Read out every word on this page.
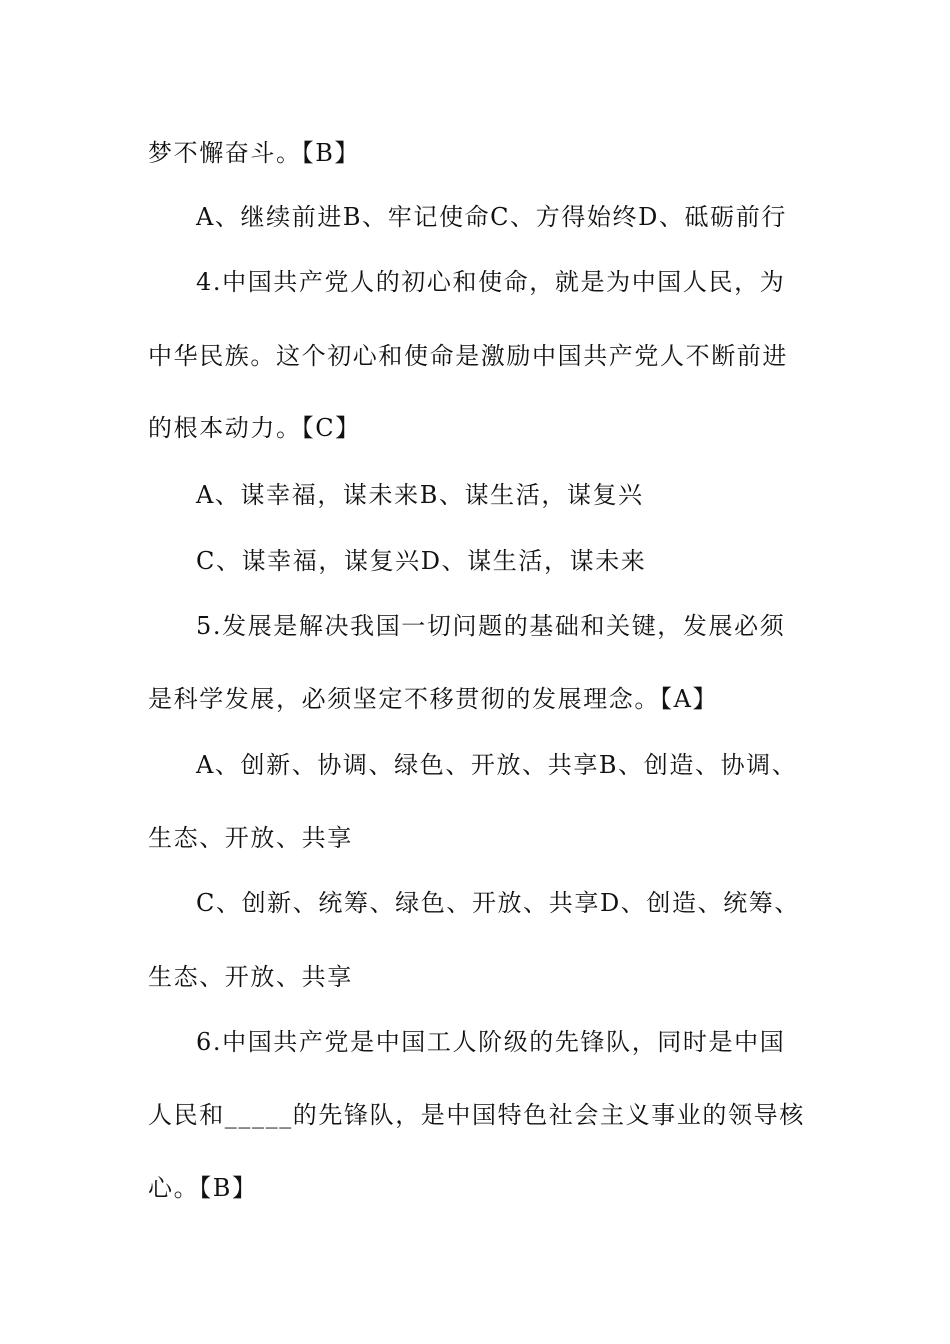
梦不懈奋斗。【B】
A、继续前进B、牢记使命C、方得始终D、砥砺前行
4.中国共产党人的初心和使命，就是为中国人民，为
中华民族。这个初心和使命是激励中国共产党人不断前进
的根本动力。【C】
A、谋幸福，谋未来B、谋生活，谋复兴
C、谋幸福，谋复兴D、谋生活，谋未来
5.发展是解决我国一切问题的基础和关键，发展必须
是科学发展，必须坚定不移贯彻的发展理念。【A】
A、创新、协调、绿色、开放、共享B、创造、协调、
生态、开放、共享
C、创新、统筹、绿色、开放、共享D、创造、统筹、
生态、开放、共享
6.中国共产党是中国工人阶级的先锋队，同时是中国
人民和_____的先锋队，是中国特色社会主义事业的领导核
心。【B】
